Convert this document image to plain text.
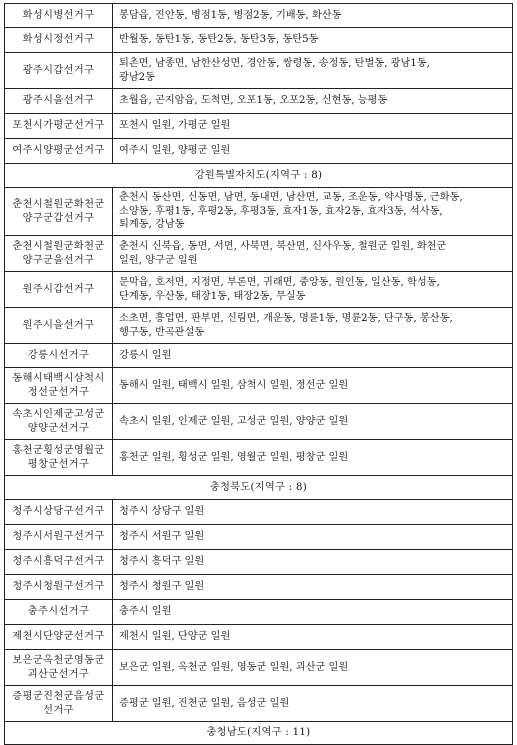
화성시병선거구	봉담읍, 진안동, 병점1동, 병점2동, 기배동, 화산동

화성시정선거구	반월동, 동탄1동, 동탄2동, 동탄3동, 동탄5동

광주시갑선거구	퇴촌면, 남종면, 남한산성면, 경안동, 쌍령동, 송정동, 탄벌동, 광남1동,
광남2동

광주시을선거구	초월읍, 곤지암읍, 도척면, 오포1동, 오포2동, 신현동, 능평동

포천시가평군선거구	포천시 일원, 가평군 일원

여주시양평군선거구	여주시 일원, 양평군 일원

강원특별자치도(지역구 : 8)	

춘천시철원군화천군
양구군갑선거구	춘천시 동산면, 신동면, 남면, 동내면, 남산면, 교동, 조운동, 약사명동, 근화동,
소양동, 후평1동, 후평2동, 후평3동, 효자1동, 효자2동, 효자3동, 석사동,
퇴계동, 강남동

춘천시철원군화천군
양구군을선거구	춘천시 신북읍, 동면, 서면, 사북면, 북산면, 신사우동, 철원군 일원, 화천군
일원, 양구군 일원

원주시갑선거구	문막읍, 호저면, 지정면, 부론면, 귀래면, 중앙동, 원인동, 일산동, 학성동,
단계동, 우산동, 태장1동, 태장2동, 무실동

원주시을선거구	소초면, 흥업면, 판부면, 신림면, 개운동, 명륜1동, 명륜2동, 단구동, 봉산동,
행구동, 반곡관설동

강릉시선거구	강릉시 일원

동해시태백시삼척시
정선군선거구	동해시 일원, 태백시 일원, 삼척시 일원, 정선군 일원

속초시인제군고성군
양양군선거구	속초시 일원, 인제군 일원, 고성군 일원, 양양군 일원

홍천군횡성군영월군
평창군선거구	홍천군 일원, 횡성군 일원, 영월군 일원, 평창군 일원

충청북도(지역구 : 8)	

청주시상당구선거구	청주시 상당구 일원

청주시서원구선거구	청주시 서원구 일원

청주시흥덕구선거구	청주시 흥덕구 일원

청주시청원구선거구	청주시 청원구 일원

충주시선거구	충주시 일원

제천시단양군선거구	제천시 일원, 단양군 일원

보은군옥천군영동군
괴산군선거구	보은군 일원, 옥천군 일원, 영동군 일원, 괴산군 일원

증평군진천군음성군
선거구	증평군 일원, 진천군 일원, 음성군 일원

충청남도(지역구 : 11)	
